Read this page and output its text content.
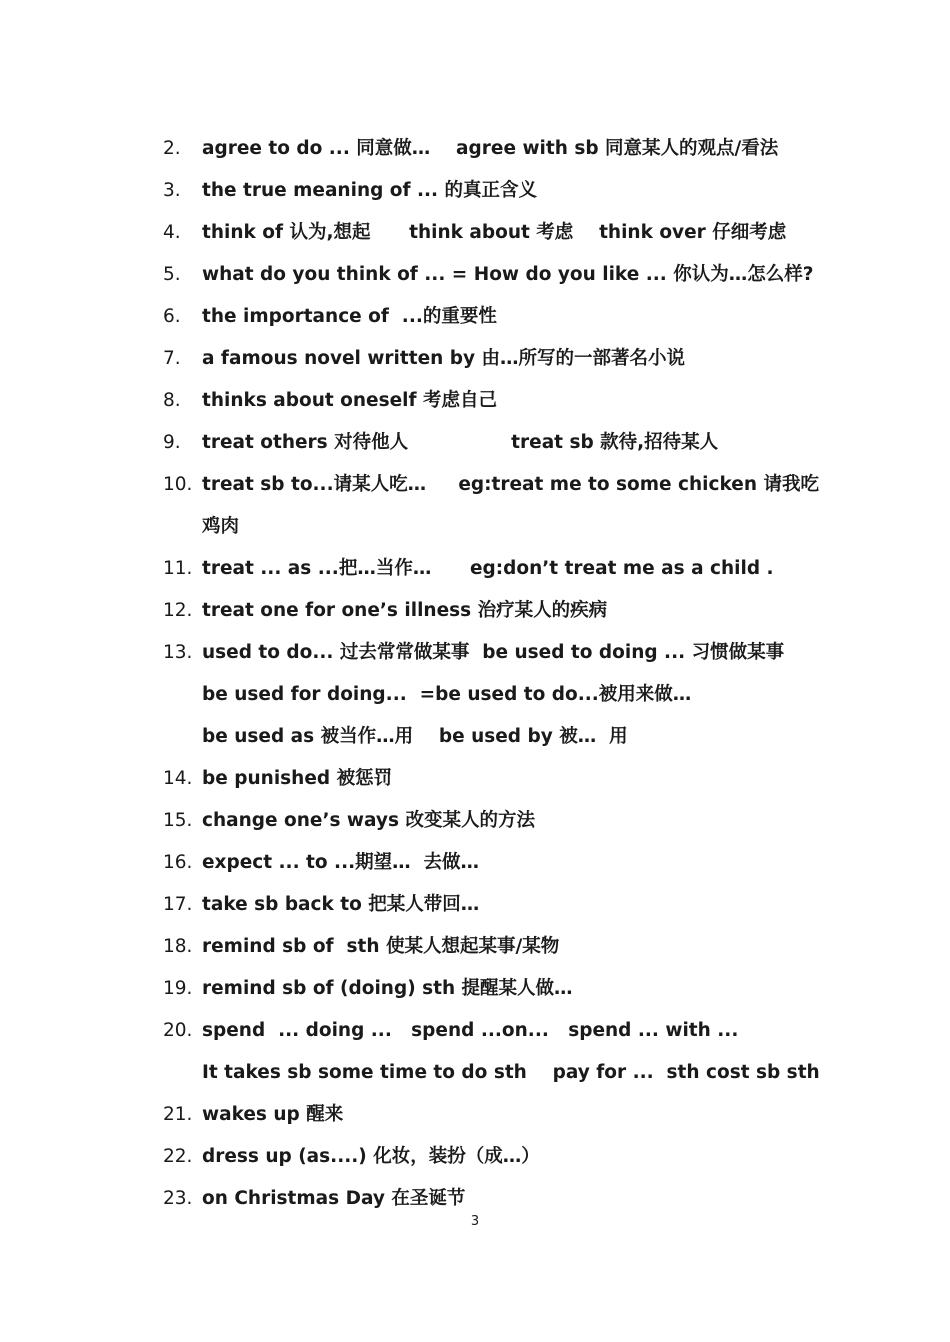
2.	agree to do ... 同意做…    agree with sb 同意某人的观点/看法
3.	the true meaning of ... 的真正含义
4.	think of 认为,想起      think about 考虑    think over 仔细考虑
5.	what do you think of ... = How do you like ... 你认为…怎么样?
6.	the importance of  ...的重要性
7.	a famous novel written by 由…所写的一部著名小说
8.	thinks about oneself 考虑自己
9.	treat others 对待他人                treat sb 款待,招待某人
10. treat sb to...请某人吃…     eg:treat me to some chicken 请我吃
鸡肉
11. treat ... as ...把…当作…      eg:don’t treat me as a child .
12. treat one for one’s illness 治疗某人的疾病
13. used to do... 过去常常做某事  be used to doing ... 习惯做某事
be used for doing...  =be used to do...被用来做…
be used as 被当作…用    be used by 被…  用
14. be punished 被惩罚
15. change one’s ways 改变某人的方法
16. expect ... to ...期望…  去做…
17. take sb back to 把某人带回…
18. remind sb of  sth 使某人想起某事/某物
19. remind sb of (doing) sth 提醒某人做…
20. spend  ... doing ...   spend ...on...   spend ... with ...
It takes sb some time to do sth    pay for ...  sth cost sb sth
21. wakes up 醒来
22. dress up (as....) 化妆，装扮（成…）
23. on Christmas Day 在圣诞节
3
